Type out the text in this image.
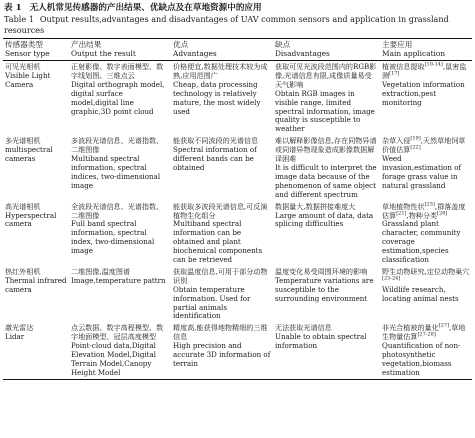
表 1 无人机常见传感器的产出结果、优缺点及在草地资源中的应用
Table 1 Output results,advantages and disadvantages of UAV common sensors and application in grassland resources
传感器类型	产出结果	优点	缺点	主要应用
Sensor type	Output the result	Advantages	Disadvantages	Main application

可见光相机
Visible Light Camera	正射影像、数字表面模型、数字线划图、三维点云
Digital orthograph model, digital surface model,digital line graphic,3D point cloud	价格便宜,数据处理技术较为成熟,应用范围广
Cheap, data processing technology is relatively mature, the most widely used	获取可见光波段范围内的RGB影像,光谱信息有限,成像质量易受天气影响
Obtain RGB images in visible range, limited spectral information, image quality is susceptible to weather	植被信息提取[10-14],鼠害监测[17]
Vegetation information extraction,pest monitoring

多光谱相机
multispectral cameras	多波段光谱信息、光谱指数、二维图像
Multiband spectral information, spectral indices, two-dimensional image	能获取不同波段的光谱信息
Spectral information of different bands can be obtained	难以解释影像信息,存在同物异谱或同谱异物现象造成影像数据解译困难
It is difficult to interpret the image data because of the phenomenon of same object and different spectrum	杂草入侵[19],天然草地饲草价值估算[22]
Weed invasion,estimation of forage grass value in natural grassland

高光谱相机
Hyperspectral camera	全波段光谱信息、光谱指数、二维图像
Full band spectral information, spectral index, two-dimensional image	能获取多波段光谱信息,可反演植物生化组分
Multiband spectral information can be obtained and plant biochemical components can be retrieved	数据量大,数据拼接难度大
Large amount of data, data splicing difficulties	草地植物性状[25],群落盖度估算[21],物种分类[26]
Grassland plant character, community coverage estimation,species classification

热红外相机
Thermal infrared camera	二维图像,温度图谱
Image,temperature pattrn	获取温度信息,可用于部分动物识别
Obtain temperature information. Used for partial animals identification	温度变化易受周围环境的影响
Temperature variations are susceptible to the surrounding environment	野生动物研究,定位动物巢穴[23-24]
Wildlife research, locating animal nests

激光雷达
Lidar	点云数据、数字高程模型、数字地面模型、冠层高度模型
Point-cloud data,Digital Elevation Model,Digital Terrain Model,Canopy Height Model	精度高,能获得地物精细的三维信息
High precision and accurate 3D information of terrain	无法获取光谱信息
Unable to obtain spectral information	非光合植被的量化[27],草地生物量估算[27-28]
Quantification of non-photosynthetic vegetation,biomass estimation
